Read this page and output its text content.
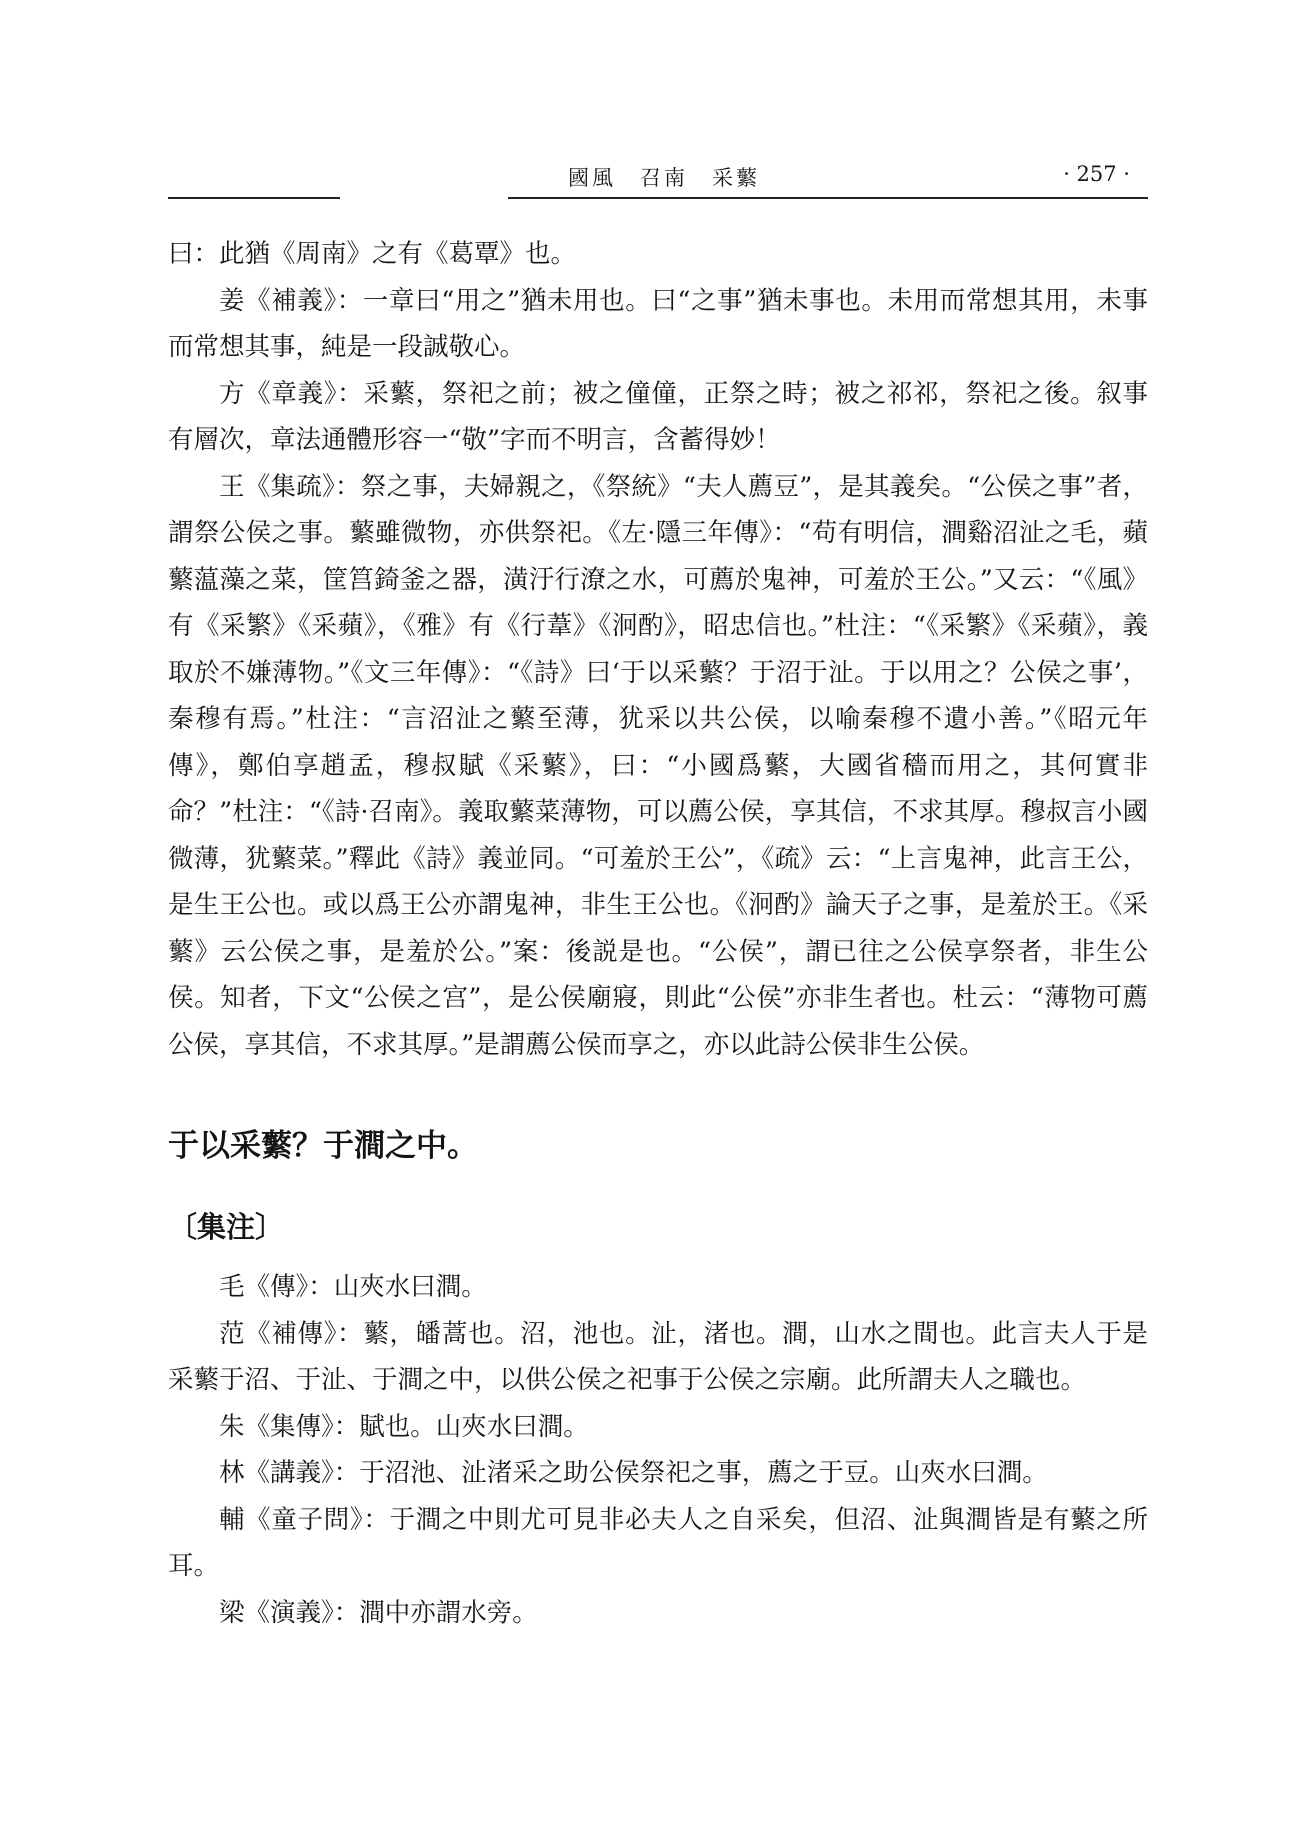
國風　召南　采蘩	· 257 ·

曰：此猶《周南》之有《葛覃》也。

姜《補義》：一章曰“用之”猶未用也。曰“之事”猶未事也。未用而常想其用，未事而常想其事，純是一段誠敬心。

方《章義》：采蘩，祭祀之前；被之僮僮，正祭之時；被之祁祁，祭祀之後。叙事有層次，章法通體形容一“敬”字而不明言，含蓄得妙！

王《集疏》：祭之事，夫婦親之，《祭統》“夫人薦豆”，是其義矣。“公侯之事”者，謂祭公侯之事。蘩雖微物，亦供祭祀。《左·隱三年傳》：“苟有明信，澗谿沼沚之毛，蘋蘩蕰藻之菜，筐筥錡釜之器，潢汙行潦之水，可薦於鬼神，可羞於王公。”又云：“《風》有《采繁》《采蘋》，《雅》有《行葦》《泂酌》，昭忠信也。”杜注：“《采繁》《采蘋》，義取於不嫌薄物。”《文三年傳》：“《詩》曰‘于以采蘩？于沼于沚。于以用之？公侯之事’，秦穆有焉。”杜注：“言沼沚之蘩至薄，犹采以共公侯，以喻秦穆不遺小善。”《昭元年傳》，鄭伯享趙孟，穆叔賦《采蘩》，曰：“小國爲蘩，大國省穡而用之，其何實非命？”杜注：“《詩·召南》。義取蘩菜薄物，可以薦公侯，享其信，不求其厚。穆叔言小國微薄，犹蘩菜。”釋此《詩》義並同。“可羞於王公”，《疏》云：“上言鬼神，此言王公，是生王公也。或以爲王公亦謂鬼神，非生王公也。《泂酌》論天子之事，是羞於王。《采蘩》云公侯之事，是羞於公。”案：後説是也。“公侯”，謂已往之公侯享祭者，非生公侯。知者，下文“公侯之宫”，是公侯廟寢，則此“公侯”亦非生者也。杜云：“薄物可薦公侯，享其信，不求其厚。”是謂薦公侯而享之，亦以此詩公侯非生公侯。

于以采蘩？于澗之中。

〔集注〕

毛《傳》：山夾水曰澗。

范《補傳》：蘩，皤蒿也。沼，池也。沚，渚也。澗，山水之間也。此言夫人于是采蘩于沼、于沚、于澗之中，以供公侯之祀事于公侯之宗廟。此所謂夫人之職也。

朱《集傳》：賦也。山夾水曰澗。

林《講義》：于沼池、沚渚采之助公侯祭祀之事，薦之于豆。山夾水曰澗。

輔《童子問》：于澗之中則尤可見非必夫人之自采矣，但沼、沚與澗皆是有蘩之所耳。

梁《演義》：澗中亦謂水旁。
